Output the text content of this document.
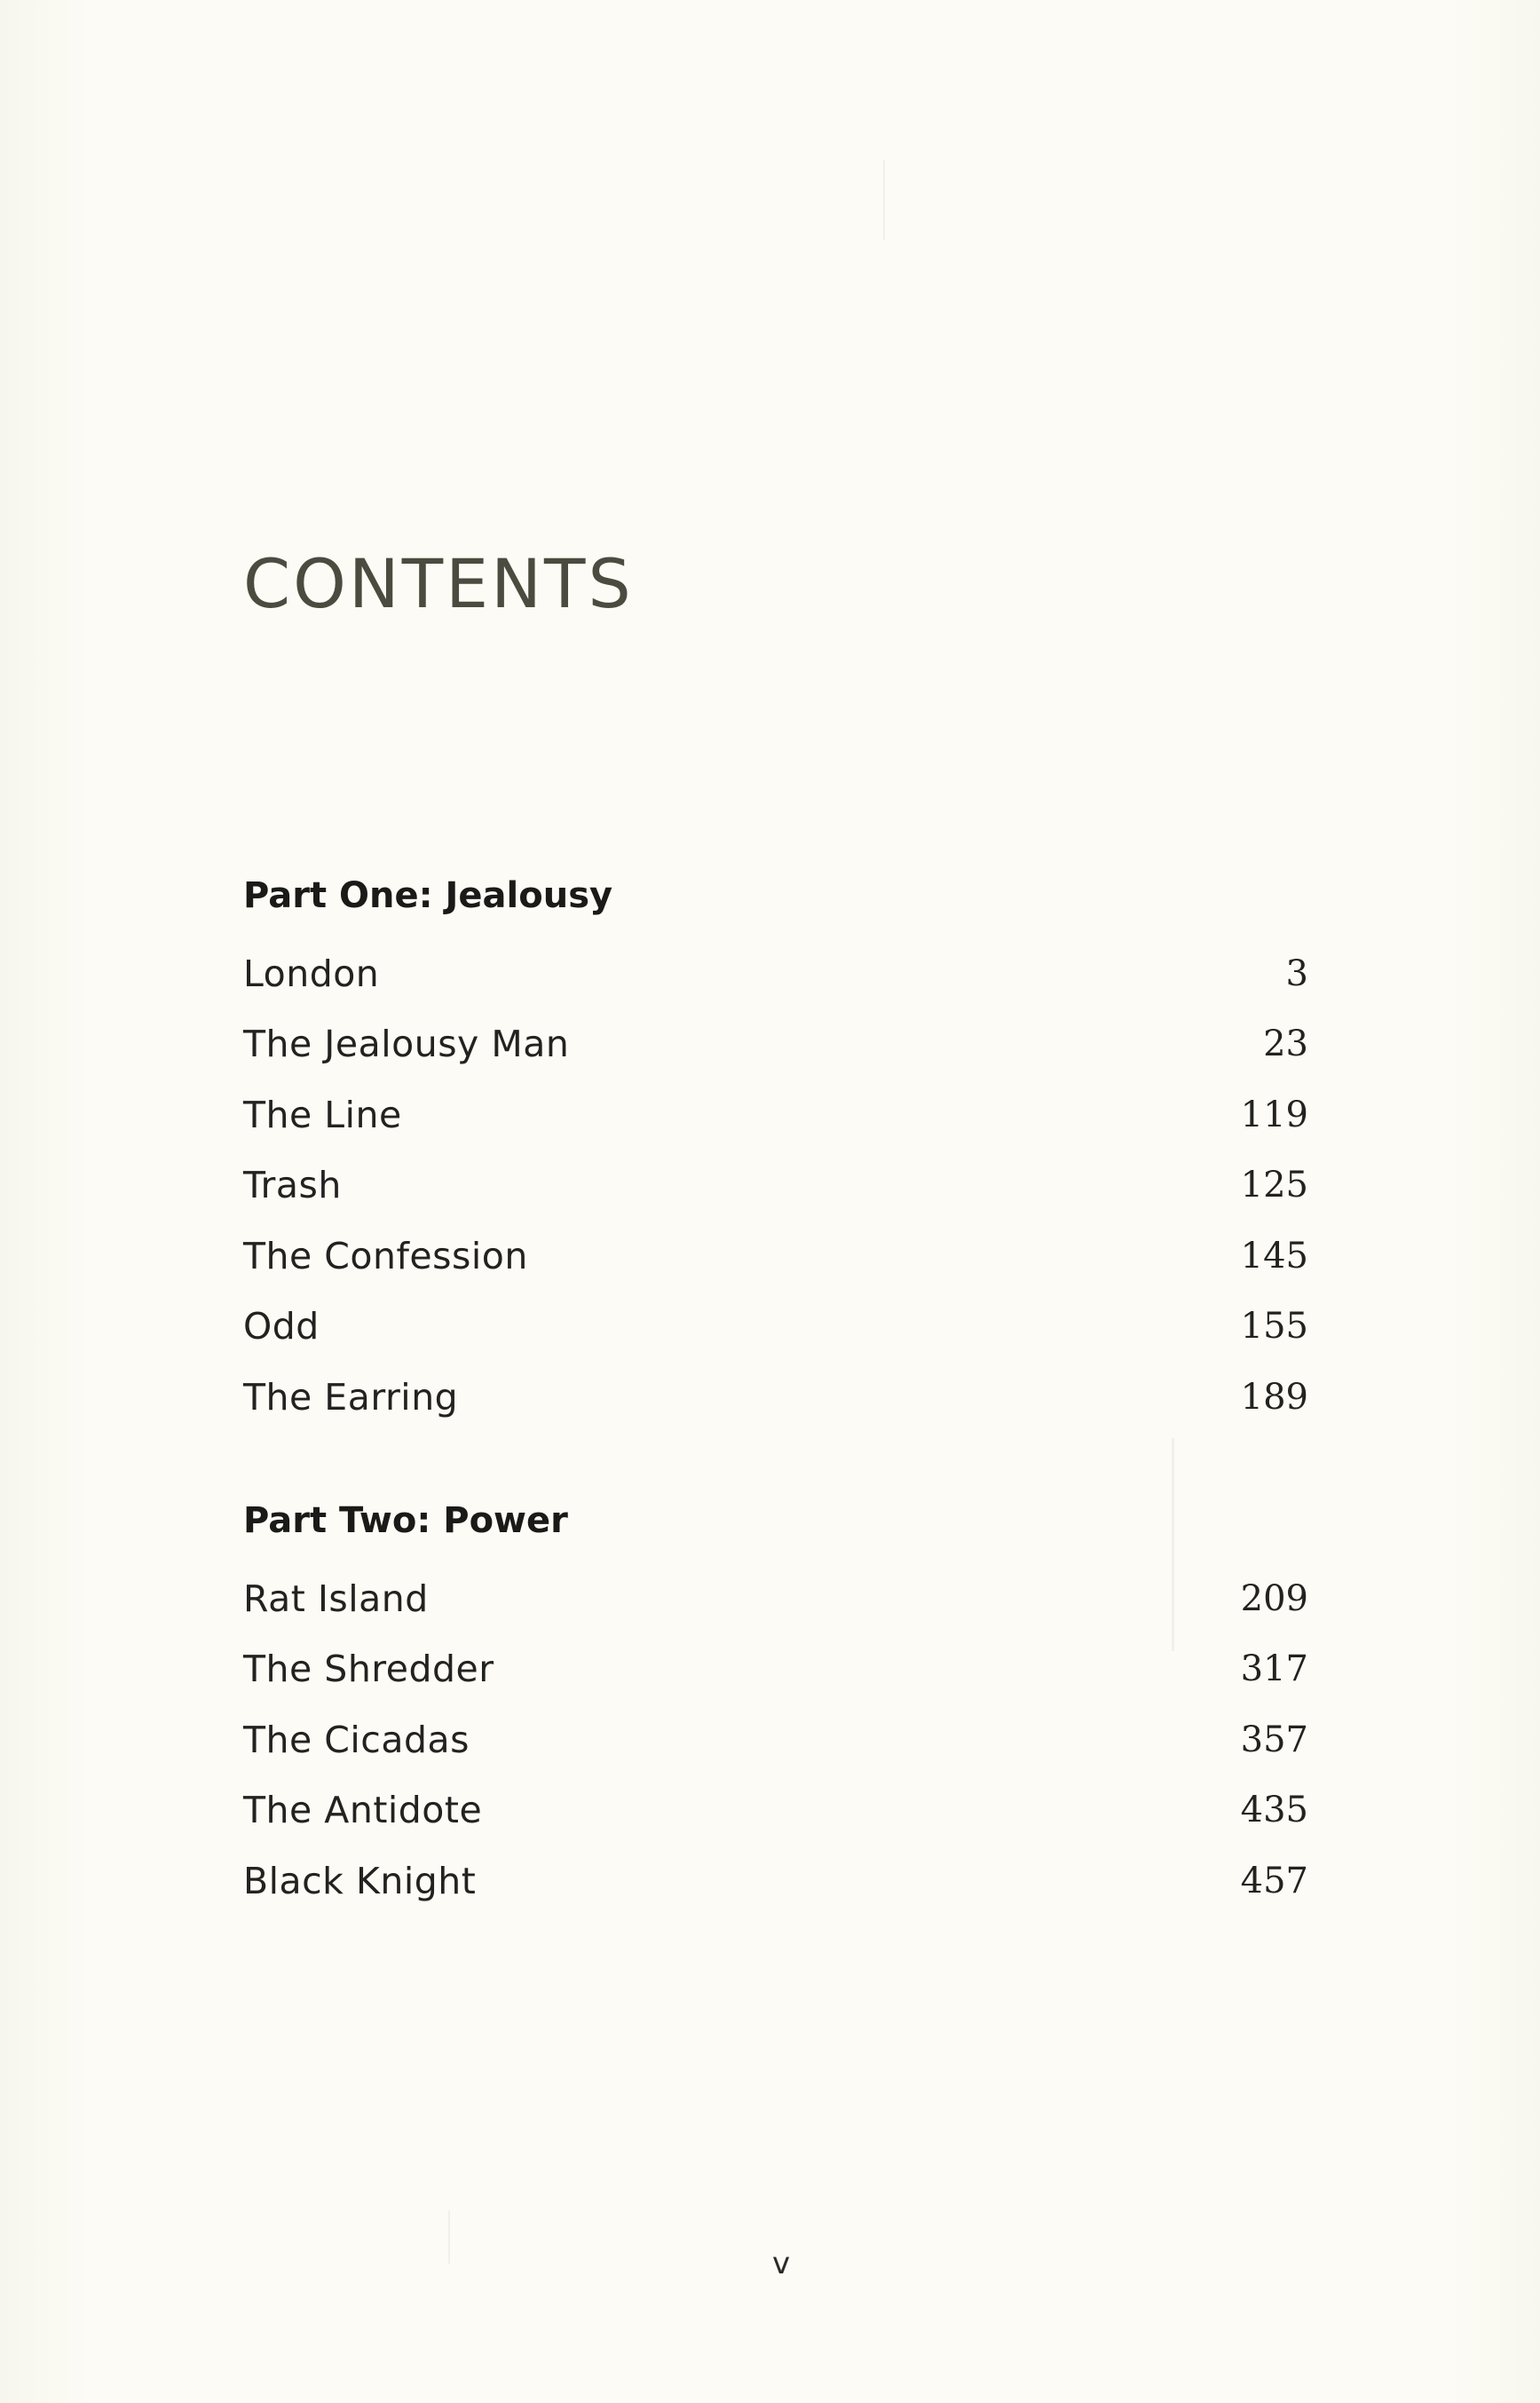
CONTENTS
Part One: Jealousy
London	3
The Jealousy Man	23
The Line	119
Trash	125
The Confession	145
Odd	155
The Earring	189
Part Two: Power
Rat Island	209
The Shredder	317
The Cicadas	357
The Antidote	435
Black Knight	457
v
